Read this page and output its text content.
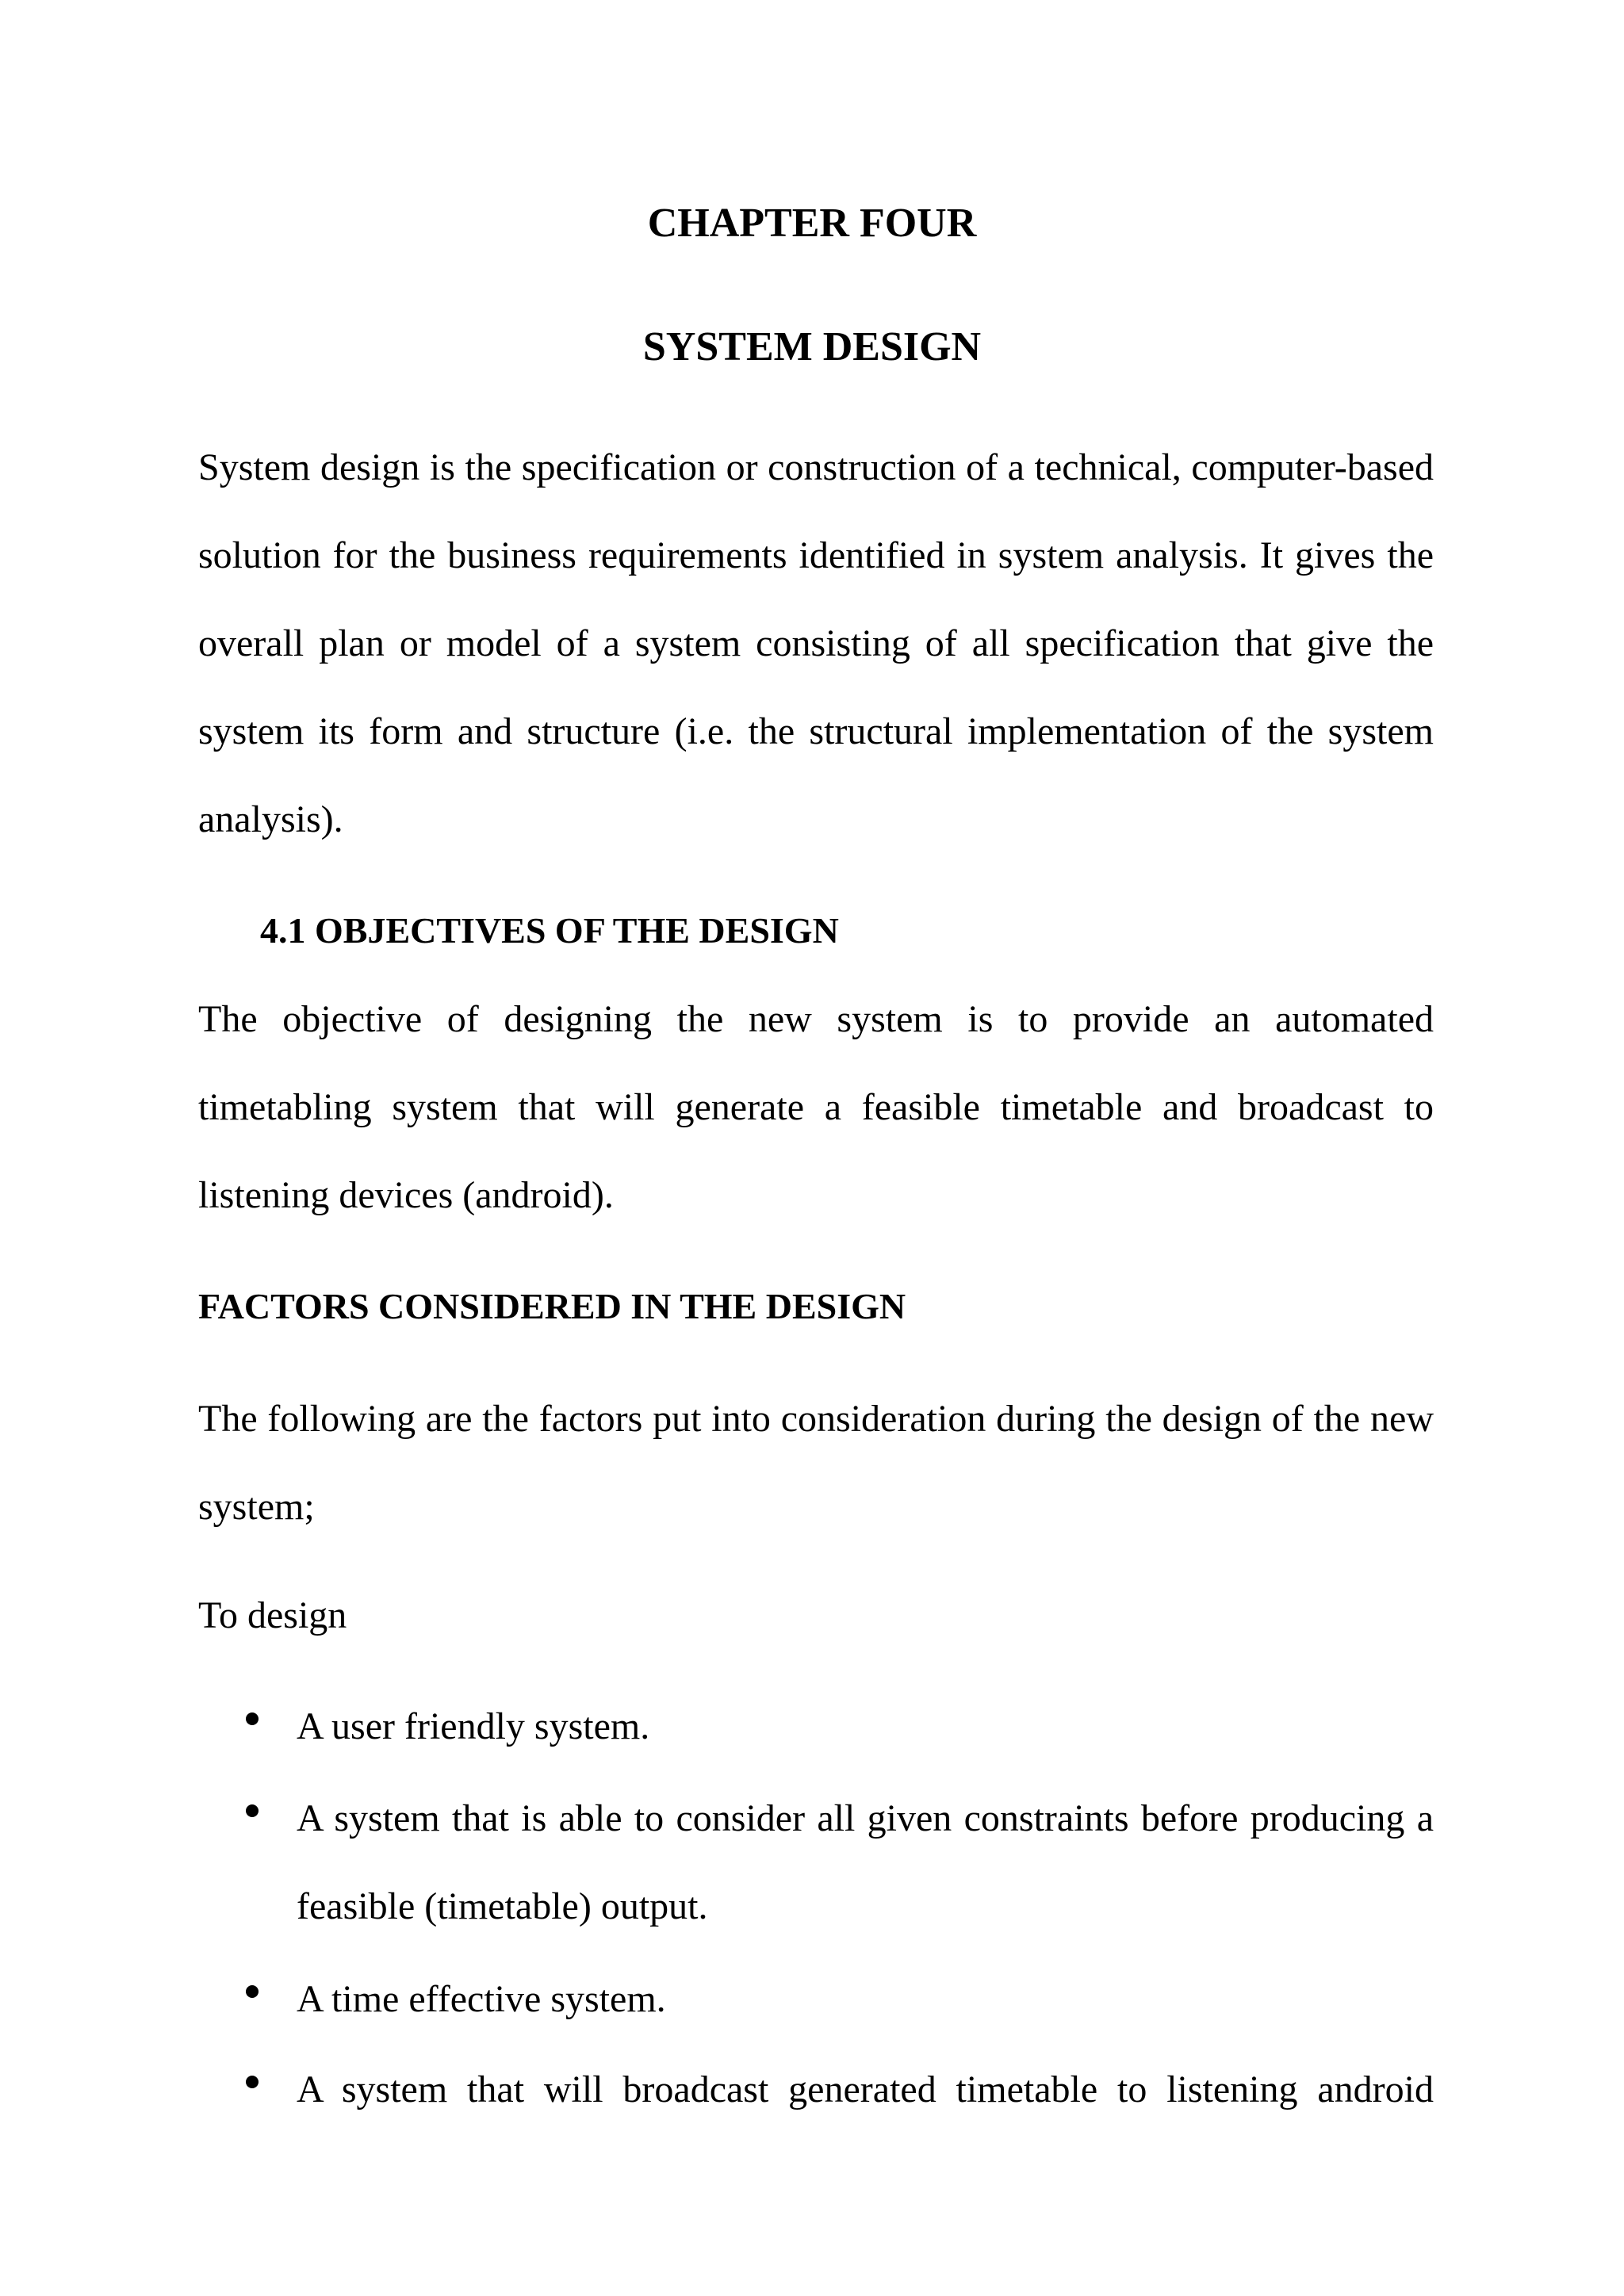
CHAPTER FOUR
SYSTEM DESIGN

System design is the specification or construction of a technical, computer-based solution for the business requirements identified in system analysis. It gives the overall plan or model of a system consisting of all specification that give the system its form and structure (i.e. the structural implementation of the system analysis).

4.1 OBJECTIVES OF THE DESIGN

The objective of designing the new system is to provide an automated timetabling system that will generate a feasible timetable and broadcast to listening devices (android).

FACTORS CONSIDERED IN THE DESIGN

The following are the factors put into consideration during the design of the new system;

To design

A user friendly system.
A system that is able to consider all given constraints before producing a feasible (timetable) output.
A time effective system.
A system that will broadcast generated timetable to listening android
